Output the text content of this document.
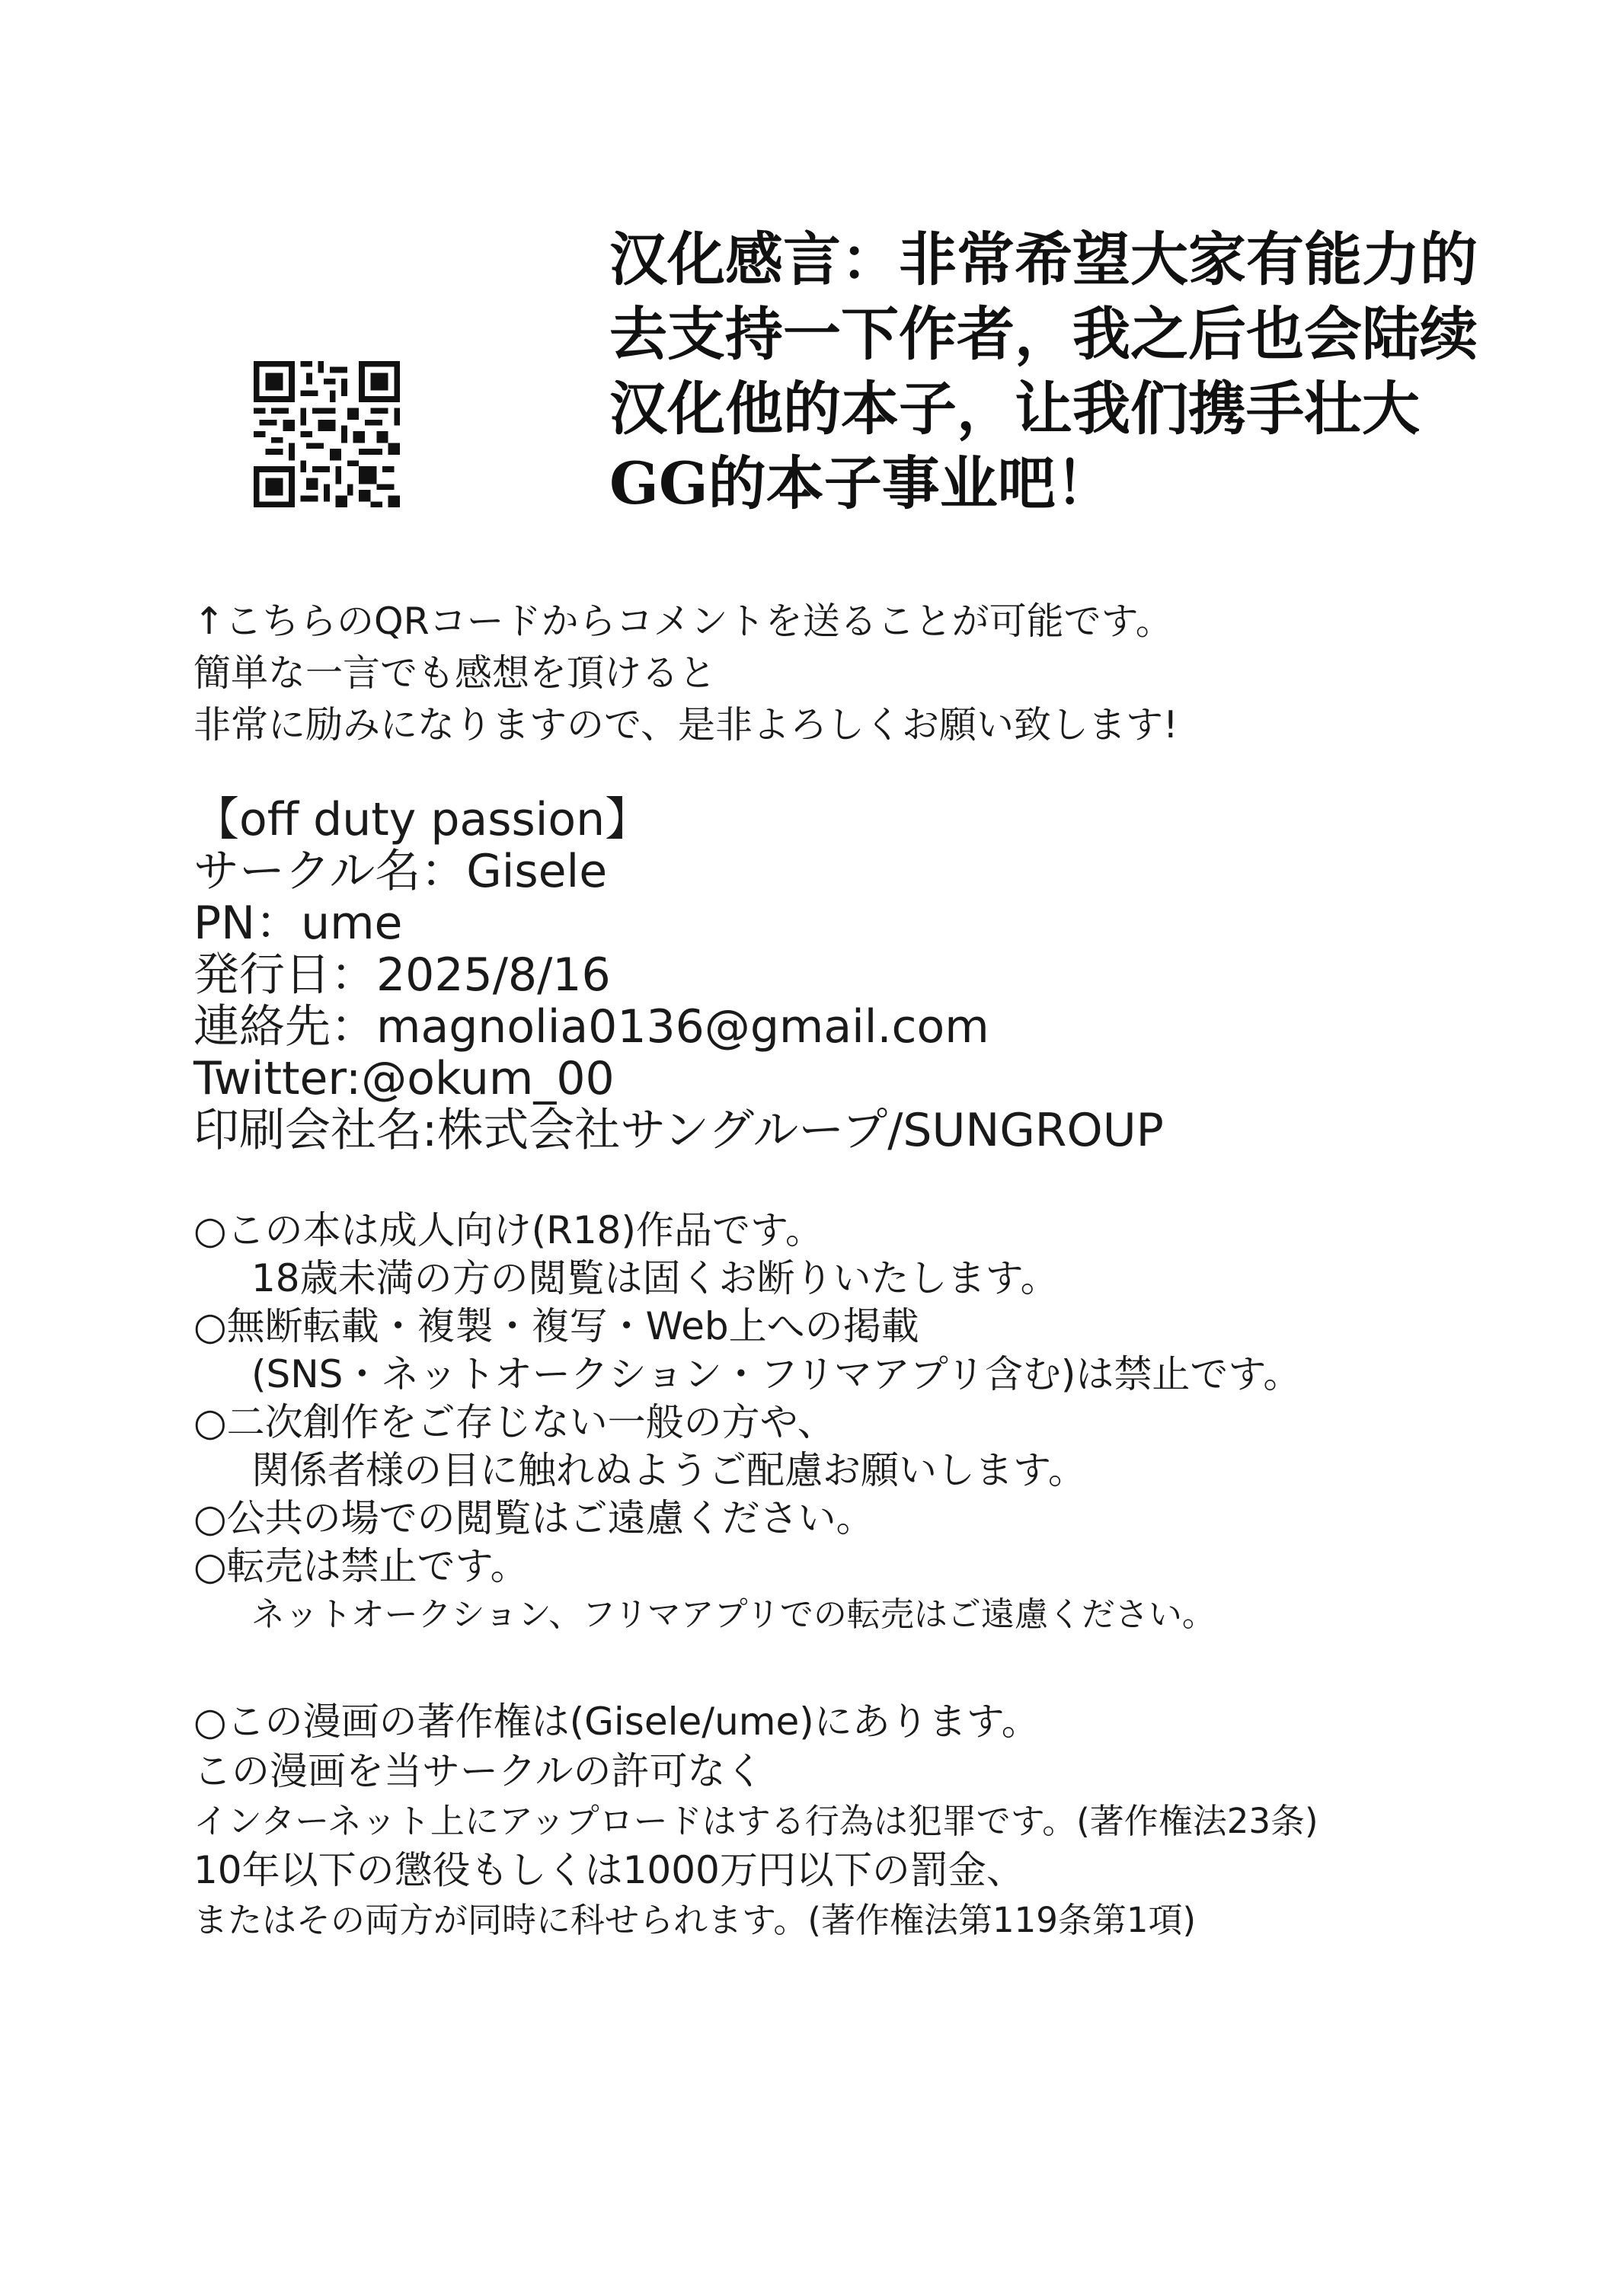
汉化感言：非常希望大家有能力的
去支持一下作者，我之后也会陆续
汉化他的本子，让我们携手壮大
GG的本子事业吧！
↑こちらのQRコードからコメントを送ることが可能です。
簡単な一言でも感想を頂けると
非常に励みになりますので、是非よろしくお願い致します!
【off duty passion】
サークル名：Gisele
PN：ume
発行日：2025/8/16
連絡先：magnolia0136@gmail.com
Twitter:@okum_00
印刷会社名:株式会社サングループ/SUNGROUP
○この本は成人向け(R18)作品です。
18歳未満の方の閲覧は固くお断りいたします。
○無断転載・複製・複写・Web上への掲載
(SNS・ネットオークション・フリマアプリ含む)は禁止です。
○二次創作をご存じない一般の方や、
関係者様の目に触れぬようご配慮お願いします。
○公共の場での閲覧はご遠慮ください。
○転売は禁止です。
ネットオークション、フリマアプリでの転売はご遠慮ください。
○この漫画の著作権は(Gisele/ume)にあります。
この漫画を当サークルの許可なく
インターネット上にアップロードはする行為は犯罪です。(著作権法23条)
10年以下の懲役もしくは1000万円以下の罰金、
またはその両方が同時に科せられます。(著作権法第119条第1項)
